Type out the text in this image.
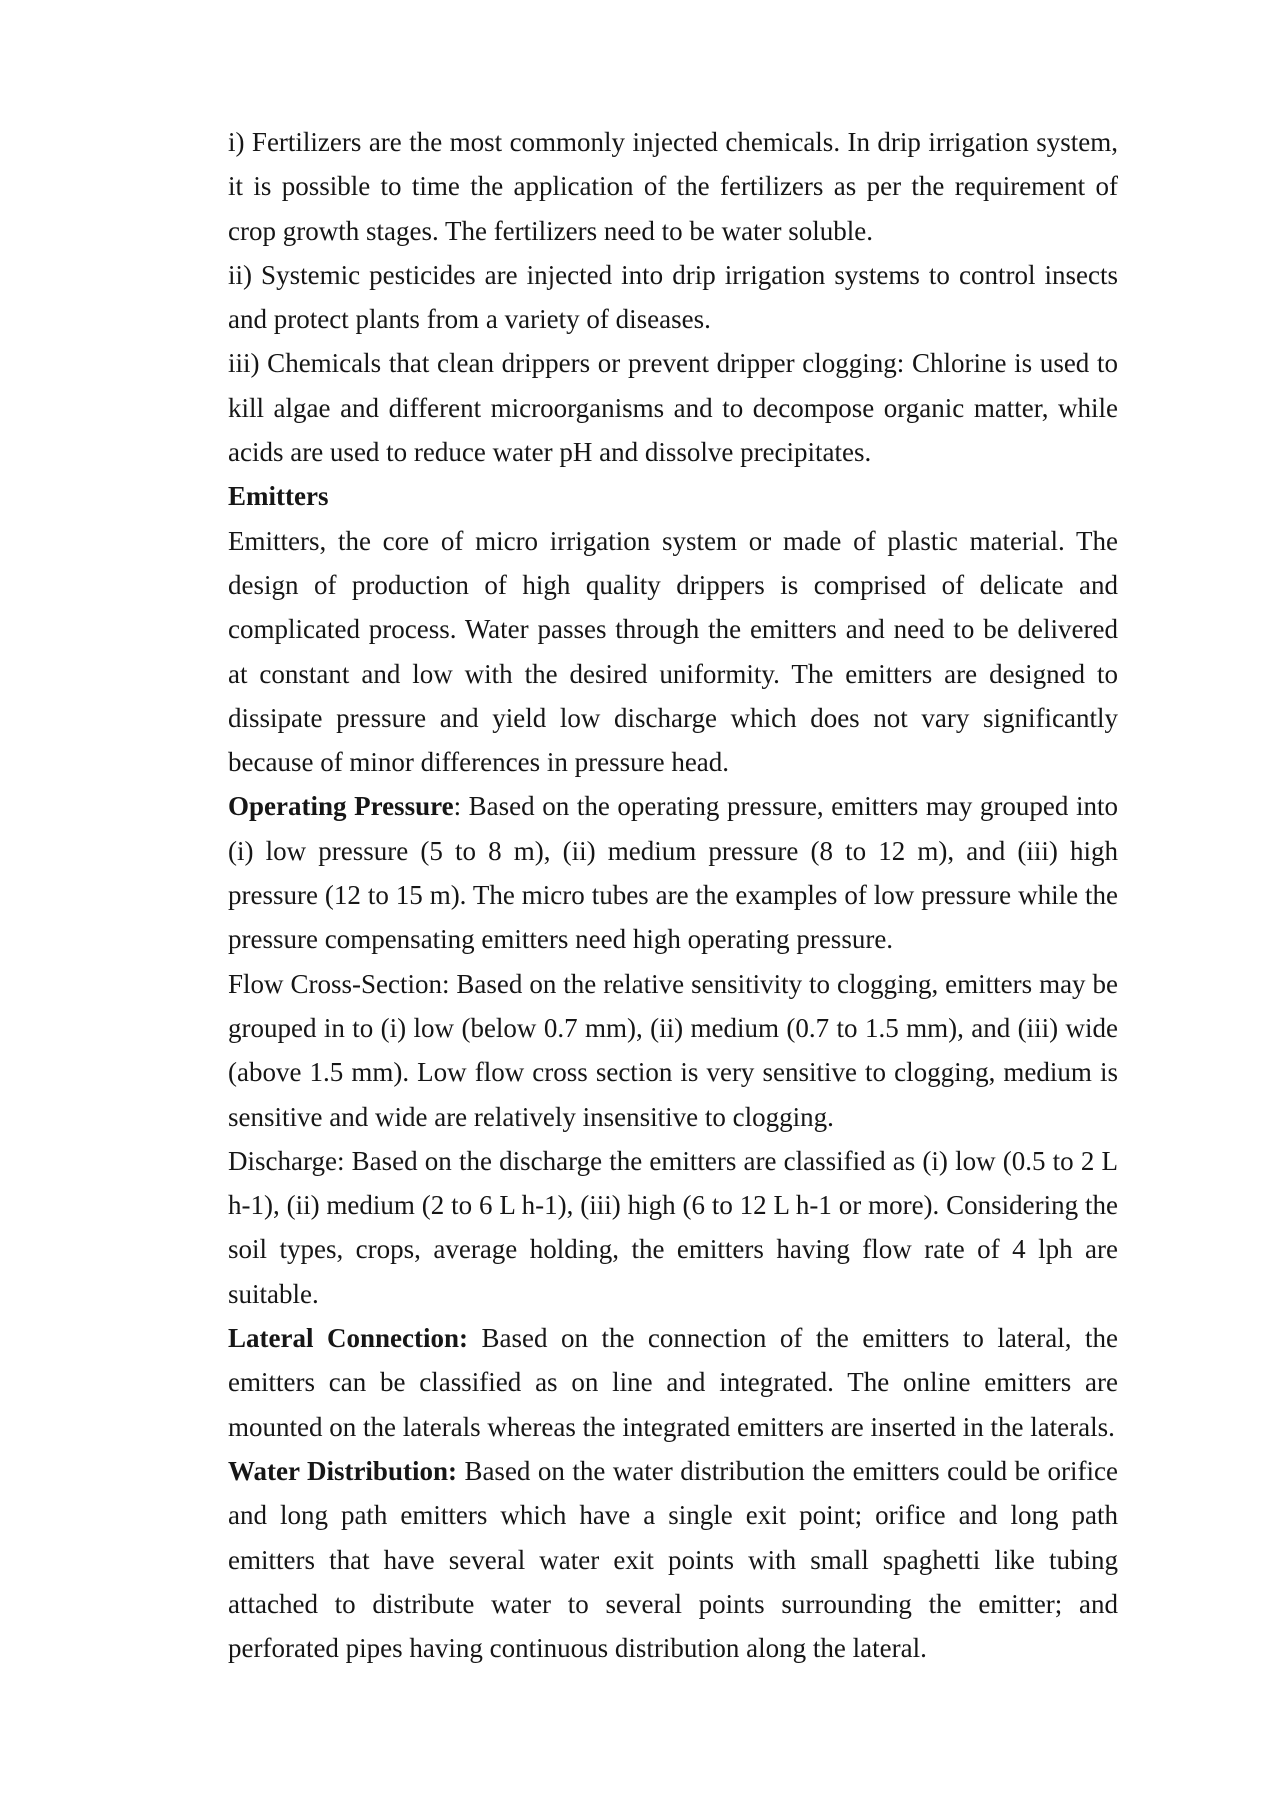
i) Fertilizers are the most commonly injected chemicals. In drip irrigation system, it is possible to time the application of the fertilizers as per the requirement of crop growth stages. The fertilizers need to be water soluble.

ii) Systemic pesticides are injected into drip irrigation systems to control insects and protect plants from a variety of diseases.

iii) Chemicals that clean drippers or prevent dripper clogging: Chlorine is used to kill algae and different microorganisms and to decompose organic matter, while acids are used to reduce water pH and dissolve precipitates.

Emitters

Emitters, the core of micro irrigation system or made of plastic material. The design of production of high quality drippers is comprised of delicate and complicated process. Water passes through the emitters and need to be delivered at constant and low with the desired uniformity. The emitters are designed to dissipate pressure and yield low discharge which does not vary significantly because of minor differences in pressure head.

Operating Pressure: Based on the operating pressure, emitters may grouped into (i) low pressure (5 to 8 m), (ii) medium pressure (8 to 12 m), and (iii) high pressure (12 to 15 m). The micro tubes are the examples of low pressure while the pressure compensating emitters need high operating pressure.

Flow Cross-Section: Based on the relative sensitivity to clogging, emitters may be grouped in to (i) low (below 0.7 mm), (ii) medium (0.7 to 1.5 mm), and (iii) wide (above 1.5 mm). Low flow cross section is very sensitive to clogging, medium is sensitive and wide are relatively insensitive to clogging.

Discharge: Based on the discharge the emitters are classified as (i) low (0.5 to 2 L h-1), (ii) medium (2 to 6 L h-1), (iii) high (6 to 12 L h-1 or more). Considering the soil types, crops, average holding, the emitters having flow rate of 4 lph are suitable.

Lateral Connection: Based on the connection of the emitters to lateral, the emitters can be classified as on line and integrated. The online emitters are mounted on the laterals whereas the integrated emitters are inserted in the laterals.

Water Distribution: Based on the water distribution the emitters could be orifice and long path emitters which have a single exit point; orifice and long path emitters that have several water exit points with small spaghetti like tubing attached to distribute water to several points surrounding the emitter; and perforated pipes having continuous distribution along the lateral.
